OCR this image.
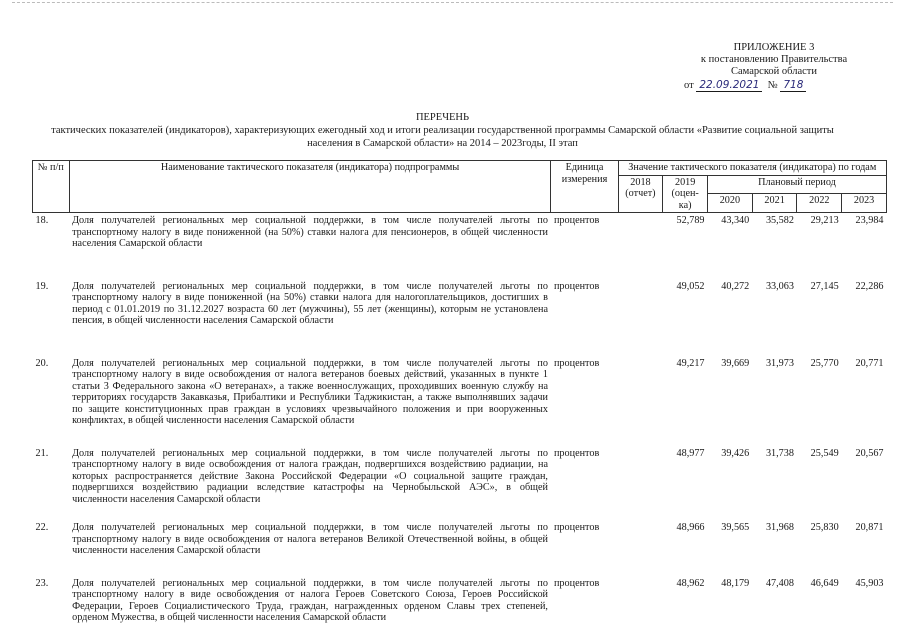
ПРИЛОЖЕНИЕ 3
к постановлению Правительства
Самарской области
от 22.09.2021 № 718
ПЕРЕЧЕНЬ
тактических показателей (индикаторов), характеризующих ежегодный ход и итоги реализации государственной программы Самарской области «Развитие социальной защиты
населения в Самарской области» на 2014 – 2023годы, II этап
№ п/п	Наименование тактического показателя (индикатора) подпрограммы	Единица измерения	Значение тактического показателя (индикатора) по годам					
			2018 (отчет)	2019 (оцен- ка)	Плановый период			
					2020	2021	2022	2023
18.	Доля получателей региональных мер социальной поддержки, в том числе получателей льготы по транспортному налогу в виде пониженной (на 50%) ставки налога для пенсионеров, в общей численности населения Самарской области	процентов		52,789	43,340	35,582	29,213	23,984
19.	Доля получателей региональных мер социальной поддержки, в том числе получателей льготы по транспортному налогу в виде пониженной (на 50%) ставки налога для налогоплательщиков, достигших в период с 01.01.2019 по 31.12.2027 возраста 60 лет (мужчины), 55 лет (женщины), которым не установлена пенсия, в общей численности населения Самарской области	процентов		49,052	40,272	33,063	27,145	22,286
20.	Доля получателей региональных мер социальной поддержки, в том числе получателей льготы по транспортному налогу в виде освобождения от налога ветеранов боевых действий, указанных в пункте 1 статьи 3 Федерального закона «О ветеранах», а также военнослужащих, проходивших военную службу на территориях государств Закавказья, Прибалтики и Республики Таджикистан, а также выполнявших задачи по защите конституционных прав граждан в условиях чрезвычайного положения и при вооруженных конфликтах, в общей численности населения Самарской области	процентов		49,217	39,669	31,973	25,770	20,771
21.	Доля получателей региональных мер социальной поддержки, в том числе получателей льготы по транспортному налогу в виде освобождения от налога граждан, подвергшихся воздействию радиации, на которых распространяется действие Закона Российской Федерации «О социальной защите граждан, подвергшихся воздействию радиации вследствие катастрофы на Чернобыльской АЭС», в общей численности населения Самарской области	процентов		48,977	39,426	31,738	25,549	20,567
22.	Доля получателей региональных мер социальной поддержки, в том числе получателей льготы по транспортному налогу в виде освобождения от налога ветеранов Великой Отечественной войны, в общей численности населения Самарской области	процентов		48,966	39,565	31,968	25,830	20,871
23.	Доля получателей региональных мер социальной поддержки, в том числе получателей льготы по транспортному налогу в виде освобождения от налога Героев Советского Союза, Героев Российской Федерации, Героев Социалистического Труда, граждан, награжденных орденом Славы трех степеней, орденом Мужества, в общей численности населения Самарской области	процентов		48,962	48,179	47,408	46,649	45,903
